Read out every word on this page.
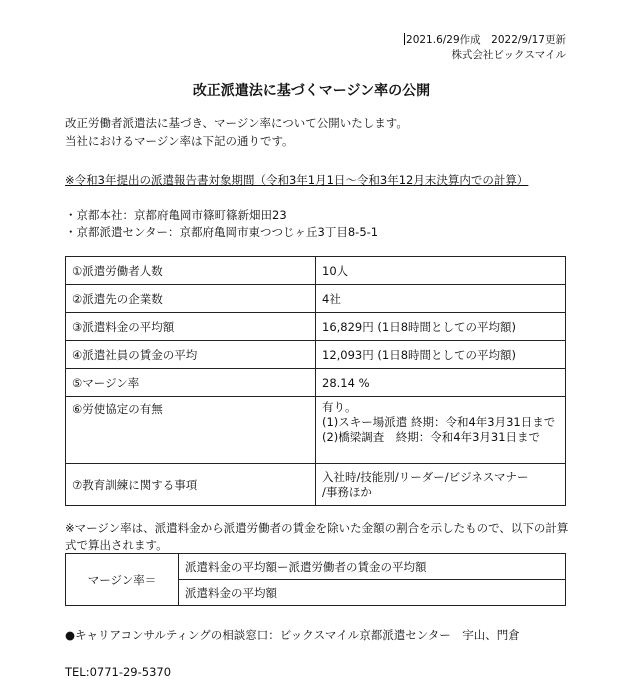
2021.6/29作成　2022/9/17更新
株式会社ビックスマイル
改正派遣法に基づくマージン率の公開
改正労働者派遣法に基づき、マージン率について公開いたします。
当社におけるマージン率は下記の通りです。
※令和3年提出の派遣報告書対象期間（令和3年1月1日〜令和3年12月末決算内での計算）
・京都本社：京都府亀岡市篠町篠新畑田23
・京都派遣センター：京都府亀岡市東つつじヶ丘3丁目8-5-1
①派遣労働者人数	10人
②派遣先の企業数	4社
③派遣料金の平均額	16,829円 (1日8時間としての平均額)
④派遣社員の賃金の平均	12,093円 (1日8時間としての平均額)
⑤マージン率	28.14 %
⑥労使協定の有無	有り。
(1)スキー場派遣 終期：令和4年3月31日まで
(2)橋梁調査　終期：令和4年3月31日まで

⑦教育訓練に関する事項	入社時/技能別/リーダー/ビジネスマナー
/事務ほか
※マージン率は、派遣料金から派遣労働者の賃金を除いた金額の割合を示したもので、以下の計算式で算出されます。
マージン率＝	派遣料金の平均額ー派遣労働者の賃金の平均額
派遣料金の平均額
●キャリアコンサルティングの相談窓口：ビックスマイル京都派遣センター　宇山、門倉
TEL:0771-29-5370
